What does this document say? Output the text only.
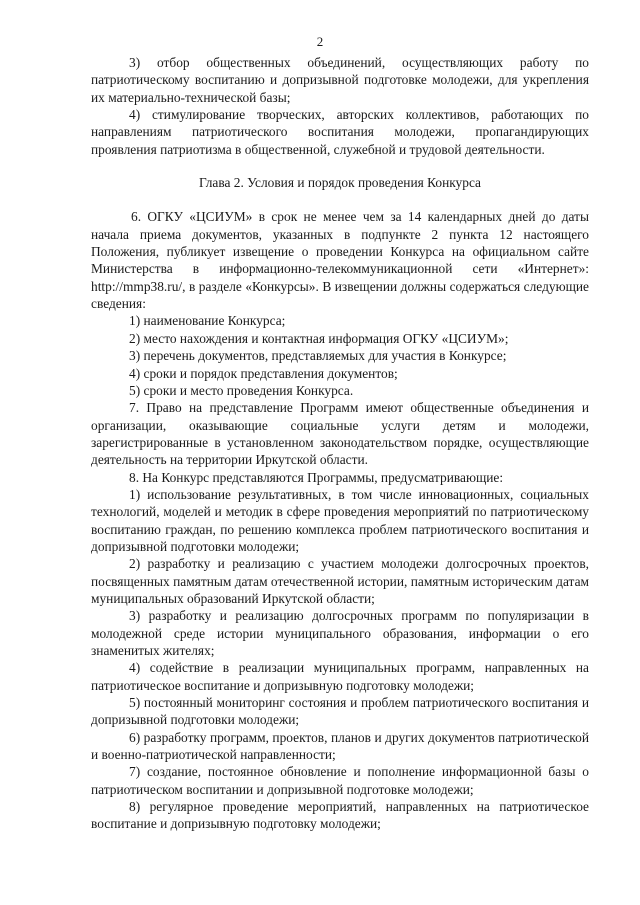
2

3) отбор общественных объединений, осуществляющих работу по патриотическому воспитанию и допризывной подготовке молодежи, для укрепления их материально-технической базы;

4) стимулирование творческих, авторских коллективов, работающих по направлениям патриотического воспитания молодежи, пропагандирующих проявления патриотизма в общественной, служебной и трудовой деятельности.

Глава 2. Условия и порядок проведения Конкурса

6. ОГКУ «ЦСИУМ» в срок не менее чем за 14 календарных дней до даты начала приема документов, указанных в подпункте 2 пункта 12 настоящего Положения, публикует извещение о проведении Конкурса на официальном сайте Министерства в информационно-телекоммуникационной сети «Интернет»: http://mmp38.ru/, в разделе «Конкурсы». В извещении должны содержаться следующие сведения:

1) наименование Конкурса;

2) место нахождения и контактная информация ОГКУ «ЦСИУМ»;

3) перечень документов, представляемых для участия в Конкурсе;

4) сроки и порядок представления документов;

5) сроки и место проведения Конкурса.

7. Право на представление Программ имеют общественные объединения и организации, оказывающие социальные услуги детям и молодежи, зарегистрированные в установленном законодательством порядке, осуществляющие деятельность на территории Иркутской области.

8. На Конкурс представляются Программы, предусматривающие:

1) использование результативных, в том числе инновационных, социальных технологий, моделей и методик в сфере проведения мероприятий по патриотическому воспитанию граждан, по решению комплекса проблем патриотического воспитания и допризывной подготовки молодежи;

2) разработку и реализацию с участием молодежи долгосрочных проектов, посвященных памятным датам отечественной истории, памятным историческим датам муниципальных образований Иркутской области;

3) разработку и реализацию долгосрочных программ по популяризации в молодежной среде истории муниципального образования, информации о его знаменитых жителях;

4) содействие в реализации муниципальных программ, направленных на патриотическое воспитание и допризывную подготовку молодежи;

5) постоянный мониторинг состояния и проблем патриотического воспитания и допризывной подготовки молодежи;

6) разработку программ, проектов, планов и других документов патриотической и военно-патриотической направленности;

7) создание, постоянное обновление и пополнение информационной базы о патриотическом воспитании и допризывной подготовке молодежи;

8) регулярное проведение мероприятий, направленных на патриотическое воспитание и допризывную подготовку молодежи;
